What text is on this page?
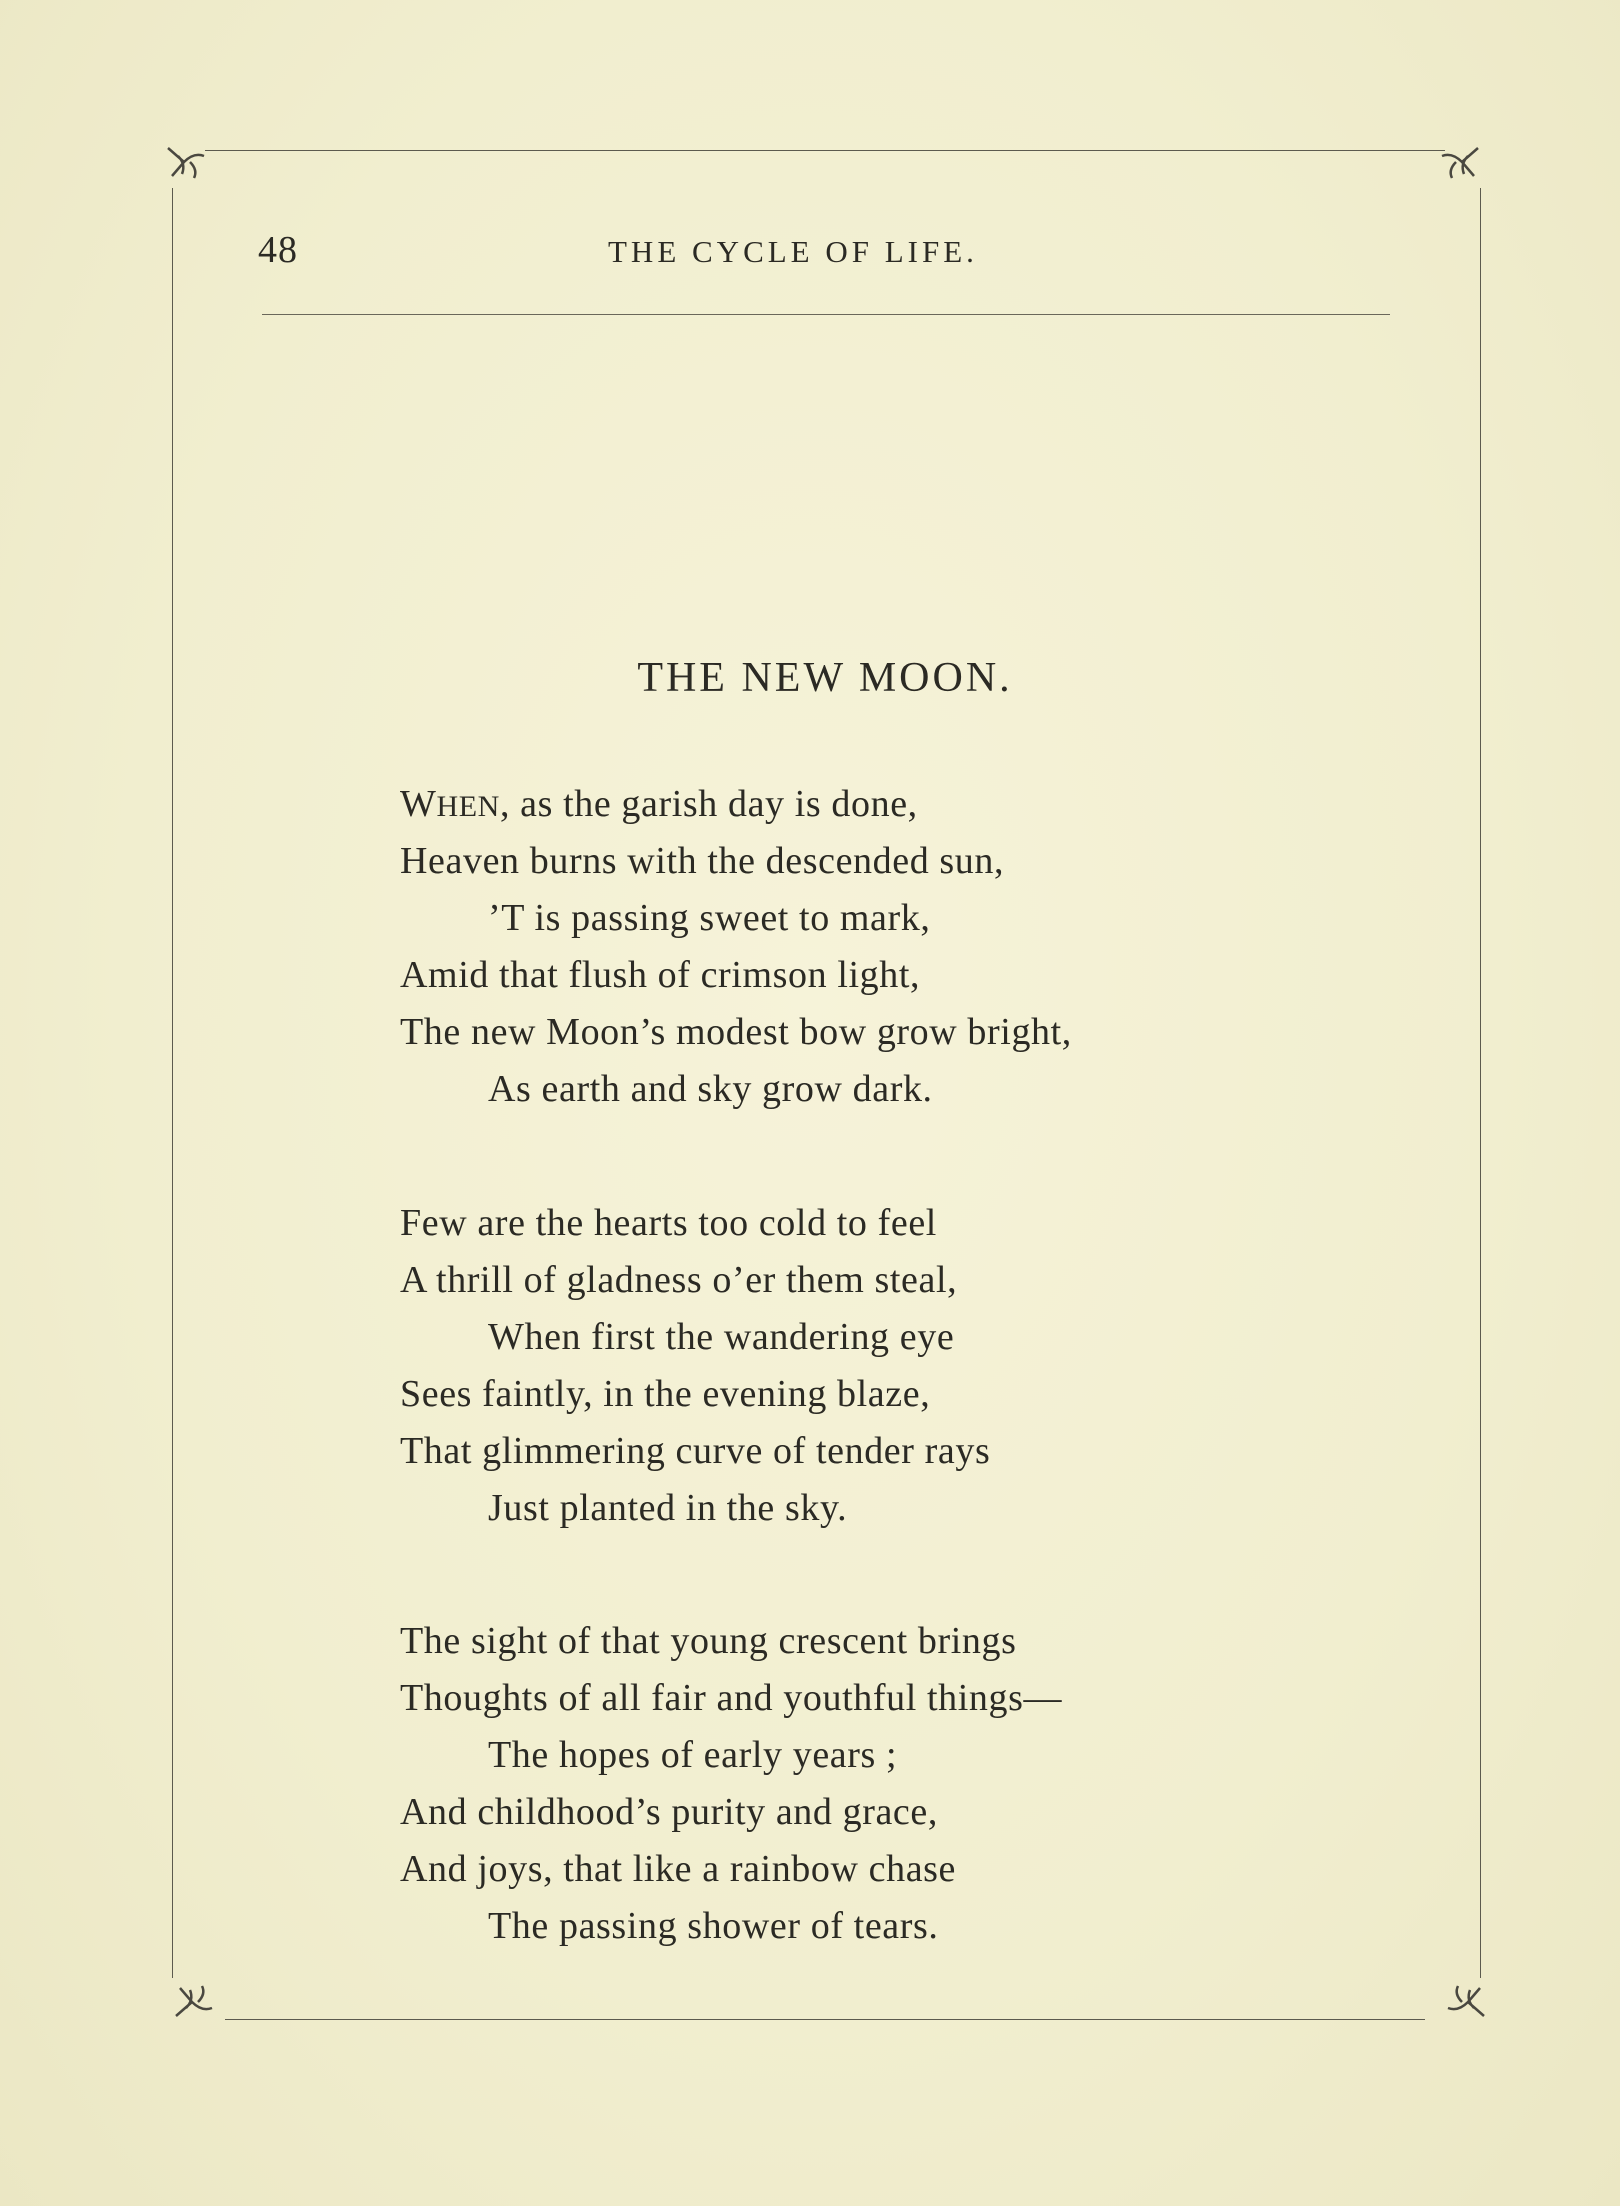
48	THE CYCLE OF LIFE.
THE NEW MOON.
WHEN, as the garish day is done,
Heaven burns with the descended sun,
’T is passing sweet to mark,
Amid that flush of crimson light,
The new Moon’s modest bow grow bright,
As earth and sky grow dark.
Few are the hearts too cold to feel
A thrill of gladness o’er them steal,
When first the wandering eye
Sees faintly, in the evening blaze,
That glimmering curve of tender rays
Just planted in the sky.
The sight of that young crescent brings
Thoughts of all fair and youthful things—
The hopes of early years ;
And childhood’s purity and grace,
And joys, that like a rainbow chase
The passing shower of tears.
